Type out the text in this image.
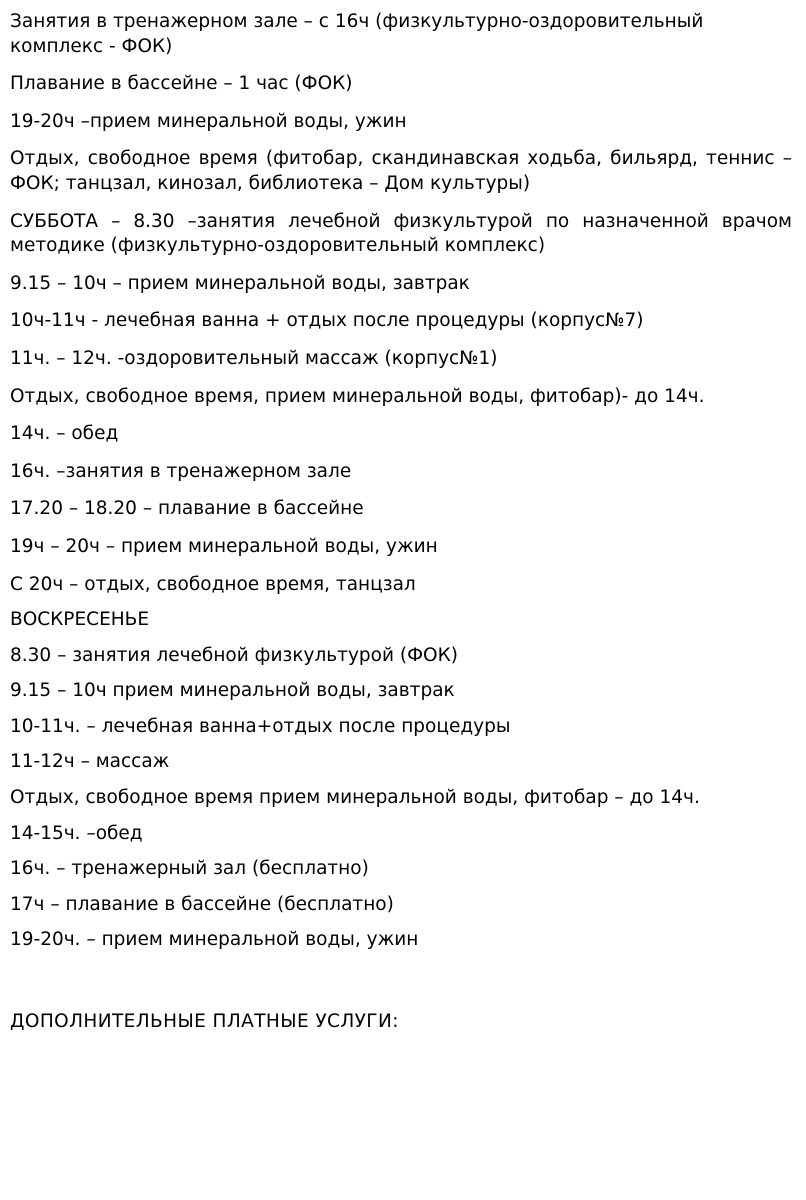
Занятия в тренажерном зале – с 16ч (физкультурно-оздоровительный комплекс - ФОК)

Плавание в бассейне – 1 час (ФОК)

19-20ч –прием минеральной воды, ужин

Отдых, свободное время (фитобар, скандинавская ходьба, бильярд, теннис – ФОК; танцзал, кинозал, библиотека – Дом культуры)

СУББОТА – 8.30 –занятия лечебной физкультурой по назначенной врачом методике (физкультурно-оздоровительный комплекс)

9.15 – 10ч – прием минеральной воды, завтрак

10ч-11ч - лечебная ванна + отдых после процедуры (корпус№7)

11ч. – 12ч. -оздоровительный массаж (корпус№1)

Отдых, свободное время, прием минеральной воды, фитобар)- до 14ч.

14ч. – обед

16ч. –занятия в тренажерном зале

17.20 – 18.20 – плавание в бассейне

19ч – 20ч – прием минеральной воды, ужин

С 20ч – отдых, свободное время, танцзал

ВОСКРЕСЕНЬЕ

8.30 – занятия лечебной физкультурой (ФОК)

9.15 – 10ч прием минеральной воды, завтрак

10-11ч. – лечебная ванна+отдых после процедуры

11-12ч – массаж

Отдых, свободное время прием минеральной воды, фитобар – до 14ч.

14-15ч. –обед

16ч. – тренажерный зал (бесплатно)

17ч – плавание в бассейне (бесплатно)

19-20ч. – прием минеральной воды, ужин

ДОПОЛНИТЕЛЬНЫЕ ПЛАТНЫЕ УСЛУГИ:
